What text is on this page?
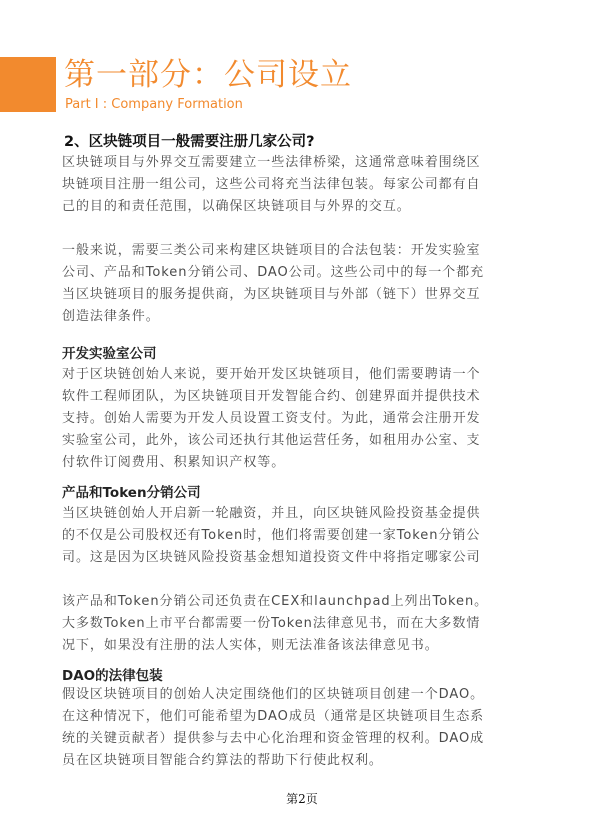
第一部分：公司设立
Part I : Company Formation
2、区块链项目一般需要注册几家公司?
区块链项目与外界交互需要建立一些法律桥梁，这通常意味着围绕区
块链项目注册一组公司，这些公司将充当法律包装。每家公司都有自
己的目的和责任范围，以确保区块链项目与外界的交互。
一般来说，需要三类公司来构建区块链项目的合法包装：开发实验室
公司、产品和Token分销公司、DAO公司。这些公司中的每一个都充
当区块链项目的服务提供商，为区块链项目与外部（链下）世界交互
创造法律条件。
开发实验室公司
对于区块链创始人来说，要开始开发区块链项目，他们需要聘请一个
软件工程师团队，为区块链项目开发智能合约、创建界面并提供技术
支持。创始人需要为开发人员设置工资支付。为此，通常会注册开发
实验室公司，此外，该公司还执行其他运营任务，如租用办公室、支
付软件订阅费用、积累知识产权等。
产品和Token分销公司
当区块链创始人开启新一轮融资，并且，向区块链风险投资基金提供
的不仅是公司股权还有Token时，他们将需要创建一家Token分销公
司。这是因为区块链风险投资基金想知道投资文件中将指定哪家公司
该产品和Token分销公司还负责在CEX和launchpad上列出Token。
大多数Token上市平台都需要一份Token法律意见书，而在大多数情
况下，如果没有注册的法人实体，则无法准备该法律意见书。
DAO的法律包装
假设区块链项目的创始人决定围绕他们的区块链项目创建一个DAO。
在这种情况下，他们可能希望为DAO成员（通常是区块链项目生态系
统的关键贡献者）提供参与去中心化治理和资金管理的权利。DAO成
员在区块链项目智能合约算法的帮助下行使此权利。
第2页
